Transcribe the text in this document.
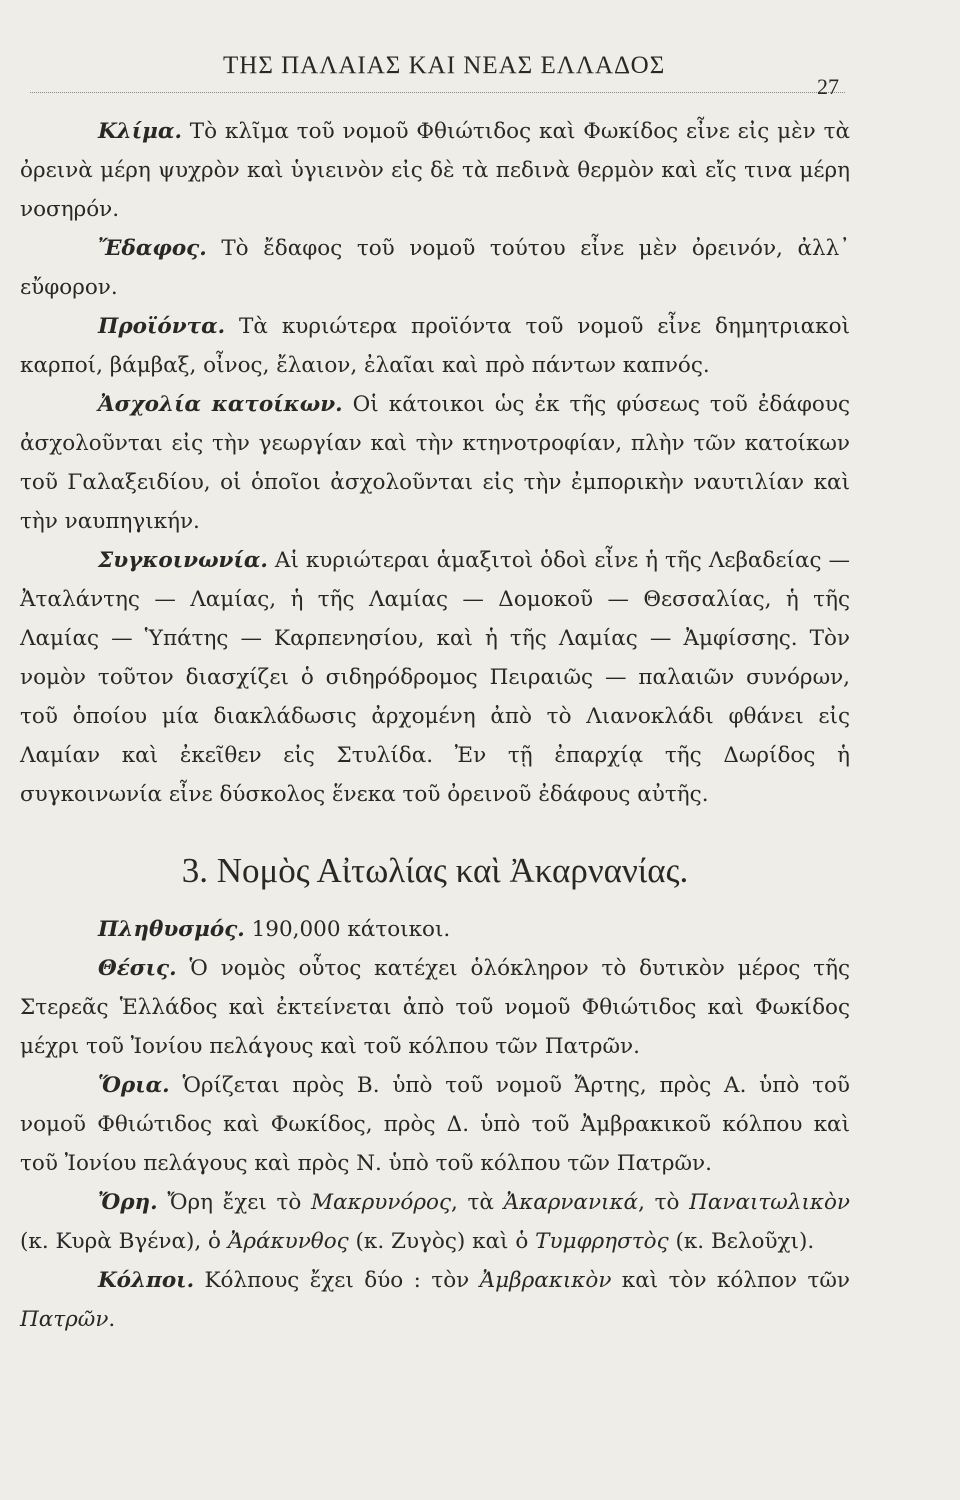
ΤΗΣ ΠΑΛΑΙΑΣ ΚΑΙ ΝΕΑΣ ΕΛΛΑΔΟΣ
27

Κλίμα. Τὸ κλῖμα τοῦ νομοῦ Φθιώτιδος καὶ Φωκίδος εἶνε εἰς μὲν τὰ ὀρεινὰ μέρη ψυχρὸν καὶ ὑγιεινὸν εἰς δὲ τὰ πεδινὰ θερμὸν καὶ εἴς τινα μέρη νοσηρόν.

Ἔδαφος. Τὸ ἔδαφος τοῦ νομοῦ τούτου εἶνε μὲν ὀρεινόν, ἀλλ᾽ εὔφορον.

Προϊόντα. Τὰ κυριώτερα προϊόντα τοῦ νομοῦ εἶνε δημητριακοὶ καρποί, βάμβαξ, οἶνος, ἔλαιον, ἐλαῖαι καὶ πρὸ πάντων καπνός.

Ἀσχολία κατοίκων. Οἱ κάτοικοι ὡς ἐκ τῆς φύσεως τοῦ ἐδάφους ἀσχολοῦνται εἰς τὴν γεωργίαν καὶ τὴν κτηνοτροφίαν, πλὴν τῶν κατοίκων τοῦ Γαλαξειδίου, οἱ ὁποῖοι ἀσχολοῦνται εἰς τὴν ἐμπορικὴν ναυτιλίαν καὶ τὴν ναυπηγικήν.

Συγκοινωνία. Αἱ κυριώτεραι ἁμαξιτοὶ ὁδοὶ εἶνε ἡ τῆς Λεβαδείας — Ἀταλάντης — Λαμίας, ἡ τῆς Λαμίας — Δομοκοῦ — Θεσσαλίας, ἡ τῆς Λαμίας — Ὑπάτης — Καρπενησίου, καὶ ἡ τῆς Λαμίας — Ἀμφίσσης. Τὸν νομὸν τοῦτον διασχίζει ὁ σιδηρόδρομος Πειραιῶς — παλαιῶν συνόρων, τοῦ ὁποίου μία διακλάδωσις ἀρχομένη ἀπὸ τὸ Λιανοκλάδι φθάνει εἰς Λαμίαν καὶ ἐκεῖθεν εἰς Στυλίδα. Ἐν τῇ ἐπαρχίᾳ τῆς Δωρίδος ἡ συγκοινωνία εἶνε δύσκολος ἕνεκα τοῦ ὀρεινοῦ ἐδάφους αὐτῆς.

3. Νομὸς Αἰτωλίας καὶ Ἀκαρνανίας.

Πληθυσμός. 190,000 κάτοικοι.

Θέσις. Ὁ νομὸς οὗτος κατέχει ὁλόκληρον τὸ δυτικὸν μέρος τῆς Στερεᾶς Ἑλλάδος καὶ ἐκτείνεται ἀπὸ τοῦ νομοῦ Φθιώτιδος καὶ Φωκίδος μέχρι τοῦ Ἰονίου πελάγους καὶ τοῦ κόλπου τῶν Πατρῶν.

Ὅρια. Ὁρίζεται πρὸς Β. ὑπὸ τοῦ νομοῦ Ἄρτης, πρὸς Α. ὑπὸ τοῦ νομοῦ Φθιώτιδος καὶ Φωκίδος, πρὸς Δ. ὑπὸ τοῦ Ἀμβρακικοῦ κόλπου καὶ τοῦ Ἰονίου πελάγους καὶ πρὸς Ν. ὑπὸ τοῦ κόλπου τῶν Πατρῶν.

Ὄρη. Ὄρη ἔχει τὸ Μακρυνόρος, τὰ Ἀκαρνανικά, τὸ Παναιτωλικὸν (κ. Κυρὰ Βγένα), ὁ Ἀράκυνθος (κ. Ζυγὸς) καὶ ὁ Τυμφρηστὸς (κ. Βελοῦχι).

Κόλποι. Κόλπους ἔχει δύο : τὸν Ἀμβρακικὸν καὶ τὸν κόλπον τῶν Πατρῶν.
